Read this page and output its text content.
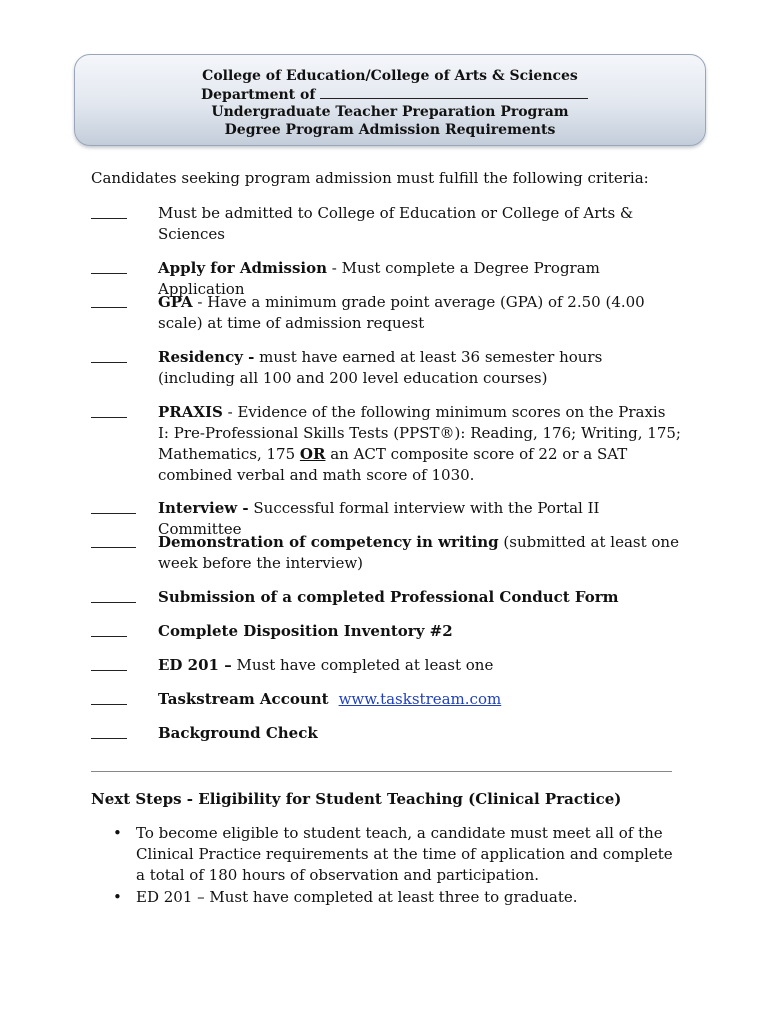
College of Education/College of Arts & Sciences
Department of
Undergraduate Teacher Preparation Program
Degree Program Admission Requirements
Candidates seeking program admission must fulfill the following criteria:
Must be admitted to College of Education or College of Arts & Sciences
Apply for Admission - Must complete a Degree Program Application
GPA - Have a minimum grade point average (GPA) of 2.50 (4.00 scale) at time of admission request
Residency - must have earned at least 36 semester hours (including all 100 and 200 level education courses)
PRAXIS - Evidence of the following minimum scores on the Praxis I: Pre-Professional Skills Tests (PPST®): Reading, 176; Writing, 175; Mathematics, 175 OR an ACT composite score of 22 or a SAT combined verbal and math score of 1030.
Interview - Successful formal interview with the Portal II Committee
Demonstration of competency in writing (submitted at least one week before the interview)
Submission of a completed Professional Conduct Form
Complete Disposition Inventory #2
ED 201 – Must have completed at least one
Taskstream Account www.taskstream.com
Background Check
Next Steps - Eligibility for Student Teaching (Clinical Practice)
• To become eligible to student teach, a candidate must meet all of the Clinical Practice requirements at the time of application and complete a total of 180 hours of observation and participation.
• ED 201 – Must have completed at least three to graduate.
